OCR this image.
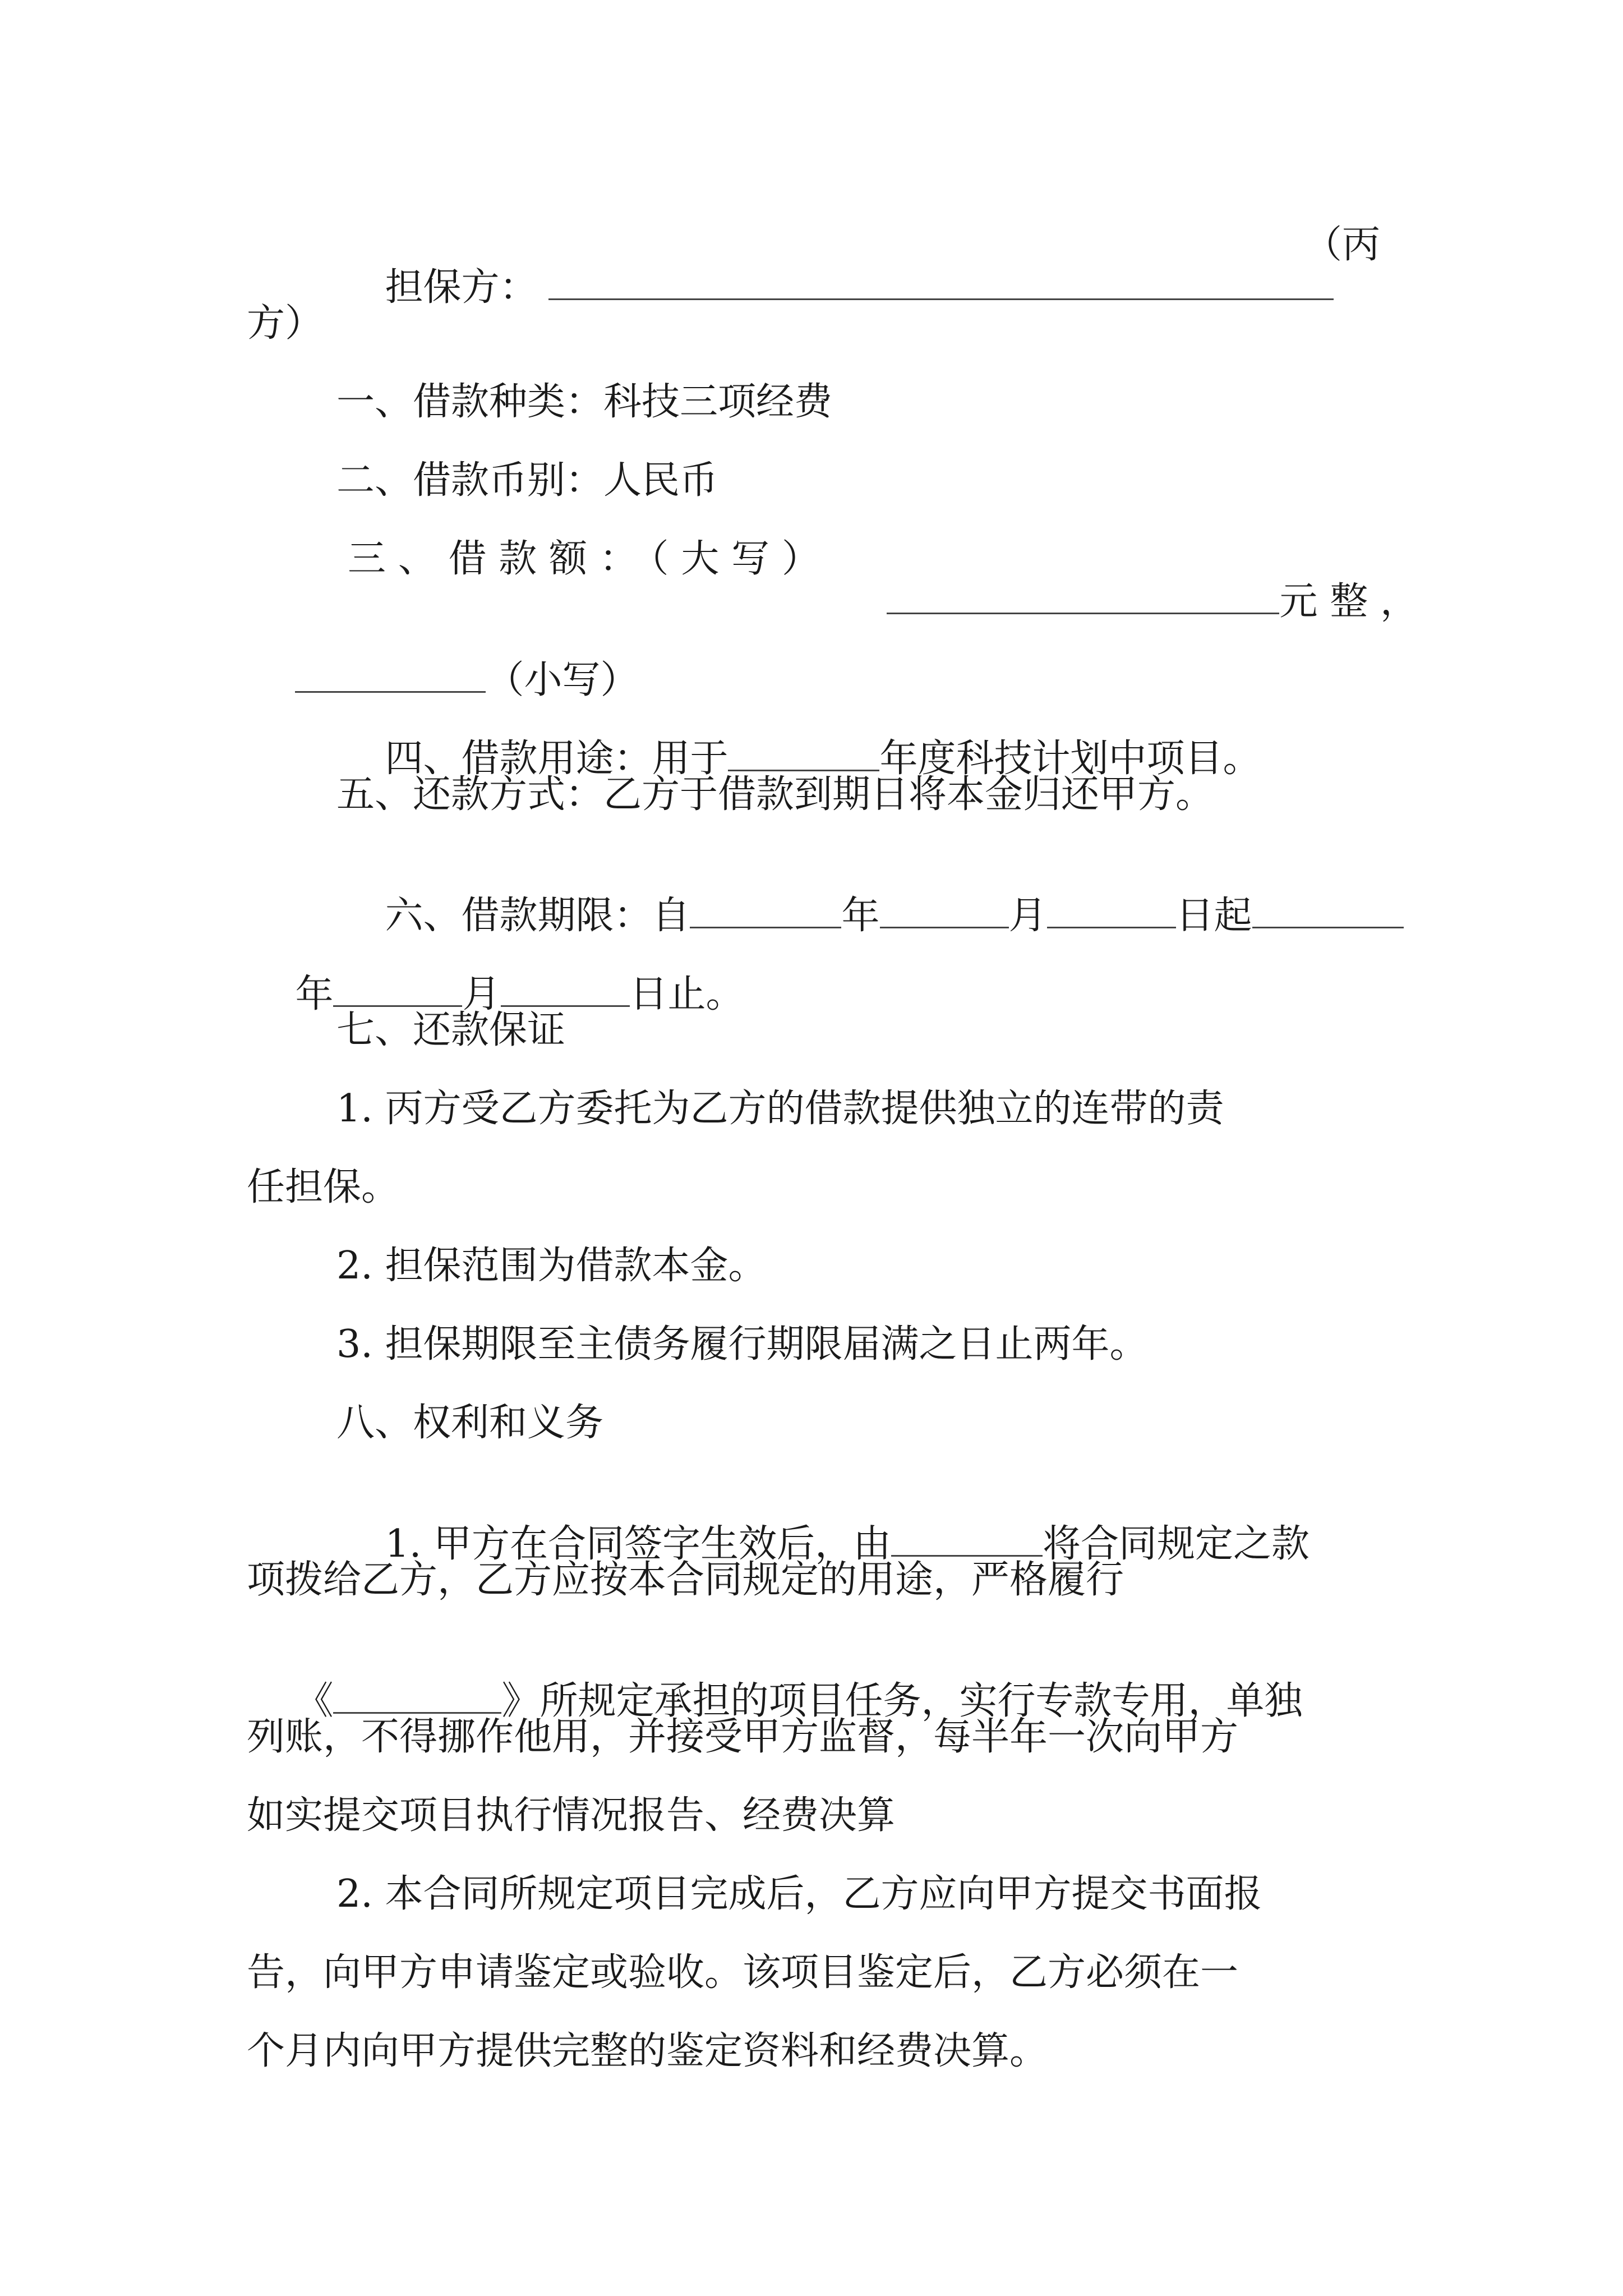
担保方：

（丙
方）
一、借款种类：科技三项经费
二、借款币别：人民币
三、借款额：（大写）

元整，

（小写）

四、借款用途：用于	年度科技计划中项目。

五、还款方式：乙方于借款到期日将本金归还甲方。

六、借款期限：自	年	月	日起

年	月	日止。

七、还款保证
1. 丙方受乙方委托为乙方的借款提供独立的连带的责
任担保。
2. 担保范围为借款本金。
3. 担保期限至主债务履行期限届满之日止两年。
八、权利和义务

1. 甲方在合同签字生效后，由	将合同规定之款

项拨给乙方，乙方应按本合同规定的用途，严格履行

《	》所规定承担的项目任务，实行专款专用，单独

列账，不得挪作他用，并接受甲方监督，每半年一次向甲方
如实提交项目执行情况报告、经费决算
2. 本合同所规定项目完成后，乙方应向甲方提交书面报
告，向甲方申请鉴定或验收。该项目鉴定后，乙方必须在一
个月内向甲方提供完整的鉴定资料和经费决算。
